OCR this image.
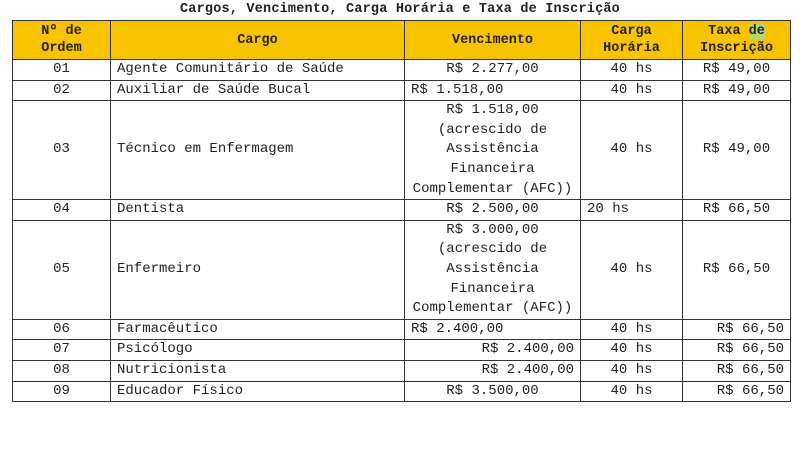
Cargos, Vencimento, Carga Horária e Taxa de Inscrição
Nº de Ordem	Cargo	Vencimento	Carga Horária	Taxa de Inscrição
01	Agente Comunitário de Saúde	R$ 2.277,00	40 hs	R$ 49,00
02	Auxiliar de Saúde Bucal	R$ 1.518,00	40 hs	R$ 49,00
03	Técnico em Enfermagem	R$ 1.518,00 (acrescido de Assistência Financeira Complementar (AFC))	40 hs	R$ 49,00
04	Dentista	R$ 2.500,00	20 hs	R$ 66,50
05	Enfermeiro	R$ 3.000,00 (acrescido de Assistência Financeira Complementar (AFC))	40 hs	R$ 66,50
06	Farmacêutico	R$ 2.400,00	40 hs	R$ 66,50
07	Psicólogo	R$ 2.400,00	40 hs	R$ 66,50
08	Nutricionista	R$ 2.400,00	40 hs	R$ 66,50
09	Educador Físico	R$ 3.500,00	40 hs	R$ 66,50
